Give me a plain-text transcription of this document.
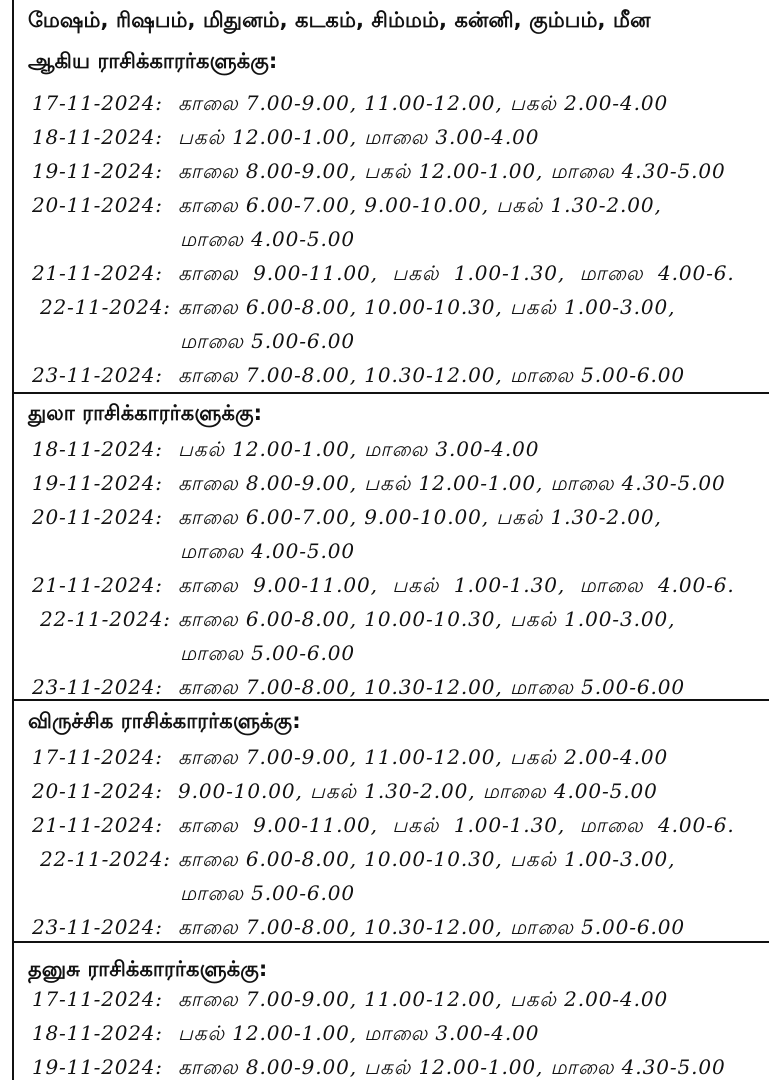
மேஷம், ரிஷபம், மிதுனம், கடகம், சிம்மம், கன்னி, கும்பம், மீன
ஆகிய ராசிக்காரர்களுக்கு:
17-11-2024: காலை 7.00-9.00, 11.00-12.00, பகல் 2.00-4.00
18-11-2024: பகல் 12.00-1.00, மாலை 3.00-4.00
19-11-2024: காலை 8.00-9.00, பகல் 12.00-1.00, மாலை 4.30-5.00
20-11-2024: காலை 6.00-7.00, 9.00-10.00, பகல் 1.30-2.00,
மாலை 4.00-5.00
21-11-2024: காலை  9.00-11.00,  பகல்  1.00-1.30,  மாலை  4.00-6.
22-11-2024: காலை 6.00-8.00, 10.00-10.30, பகல் 1.00-3.00,
மாலை 5.00-6.00
23-11-2024: காலை 7.00-8.00, 10.30-12.00, மாலை 5.00-6.00
துலா ராசிக்காரர்களுக்கு:
18-11-2024: பகல் 12.00-1.00, மாலை 3.00-4.00
19-11-2024: காலை 8.00-9.00, பகல் 12.00-1.00, மாலை 4.30-5.00
20-11-2024: காலை 6.00-7.00, 9.00-10.00, பகல் 1.30-2.00,
மாலை 4.00-5.00
21-11-2024: காலை  9.00-11.00,  பகல்  1.00-1.30,  மாலை  4.00-6.
22-11-2024: காலை 6.00-8.00, 10.00-10.30, பகல் 1.00-3.00,
மாலை 5.00-6.00
23-11-2024: காலை 7.00-8.00, 10.30-12.00, மாலை 5.00-6.00
விருச்சிக ராசிக்காரர்களுக்கு:
17-11-2024: காலை 7.00-9.00, 11.00-12.00, பகல் 2.00-4.00
20-11-2024: 9.00-10.00, பகல் 1.30-2.00, மாலை 4.00-5.00
21-11-2024: காலை  9.00-11.00,  பகல்  1.00-1.30,  மாலை  4.00-6.
22-11-2024: காலை 6.00-8.00, 10.00-10.30, பகல் 1.00-3.00,
மாலை 5.00-6.00
23-11-2024: காலை 7.00-8.00, 10.30-12.00, மாலை 5.00-6.00
தனுசு ராசிக்காரர்களுக்கு:
17-11-2024: காலை 7.00-9.00, 11.00-12.00, பகல் 2.00-4.00
18-11-2024: பகல் 12.00-1.00, மாலை 3.00-4.00
19-11-2024: காலை 8.00-9.00, பகல் 12.00-1.00, மாலை 4.30-5.00
